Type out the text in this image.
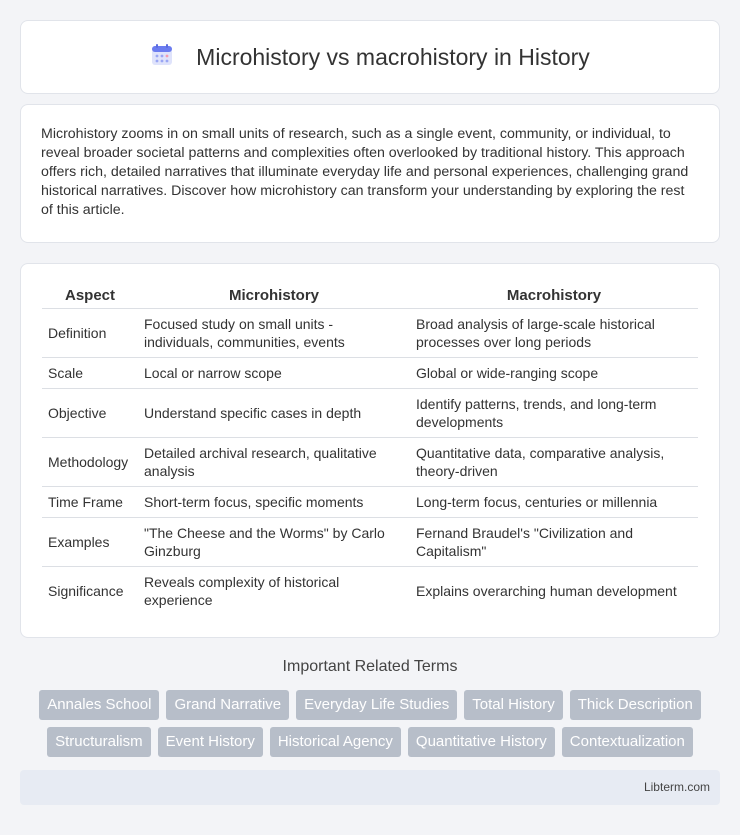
Microhistory vs macrohistory in History

Microhistory zooms in on small units of research, such as a single event, community, or individual, to reveal broader societal patterns and complexities often overlooked by traditional history. This approach offers rich, detailed narratives that illuminate everyday life and personal experiences, challenging grand historical narratives. Discover how microhistory can transform your understanding by exploring the rest of this article.

Aspect	Microhistory	Macrohistory
Definition	Focused study on small units - individuals, communities, events	Broad analysis of large-scale historical processes over long periods
Scale	Local or narrow scope	Global or wide-ranging scope
Objective	Understand specific cases in depth	Identify patterns, trends, and long-term developments
Methodology	Detailed archival research, qualitative analysis	Quantitative data, comparative analysis, theory-driven
Time Frame	Short-term focus, specific moments	Long-term focus, centuries or millennia
Examples	"The Cheese and the Worms" by Carlo Ginzburg	Fernand Braudel's "Civilization and Capitalism"
Significance	Reveals complexity of historical experience	Explains overarching human development
Important Related Terms
Annales School	Grand Narrative	Everyday Life Studies	Total History	Thick Description
Structuralism	Event History	Historical Agency	Quantitative History	Contextualization
Libterm.com
